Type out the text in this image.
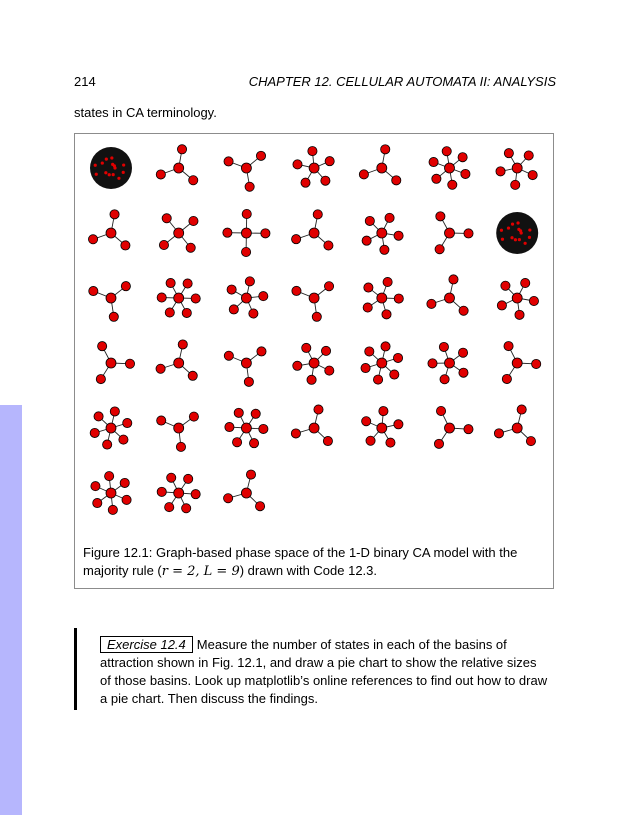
214	CHAPTER 12. CELLULAR AUTOMATA II: ANALYSIS
states in CA terminology.
Figure 12.1: Graph-based phase space of the 1-D binary CA model with the majority rule (r = 2, L = 9) drawn with Code 12.3.
Exercise 12.4 Measure the number of states in each of the basins of attraction shown in Fig. 12.1, and draw a pie chart to show the relative sizes of those basins. Look up matplotlib’s online references to find out how to draw a pie chart. Then discuss the findings.
